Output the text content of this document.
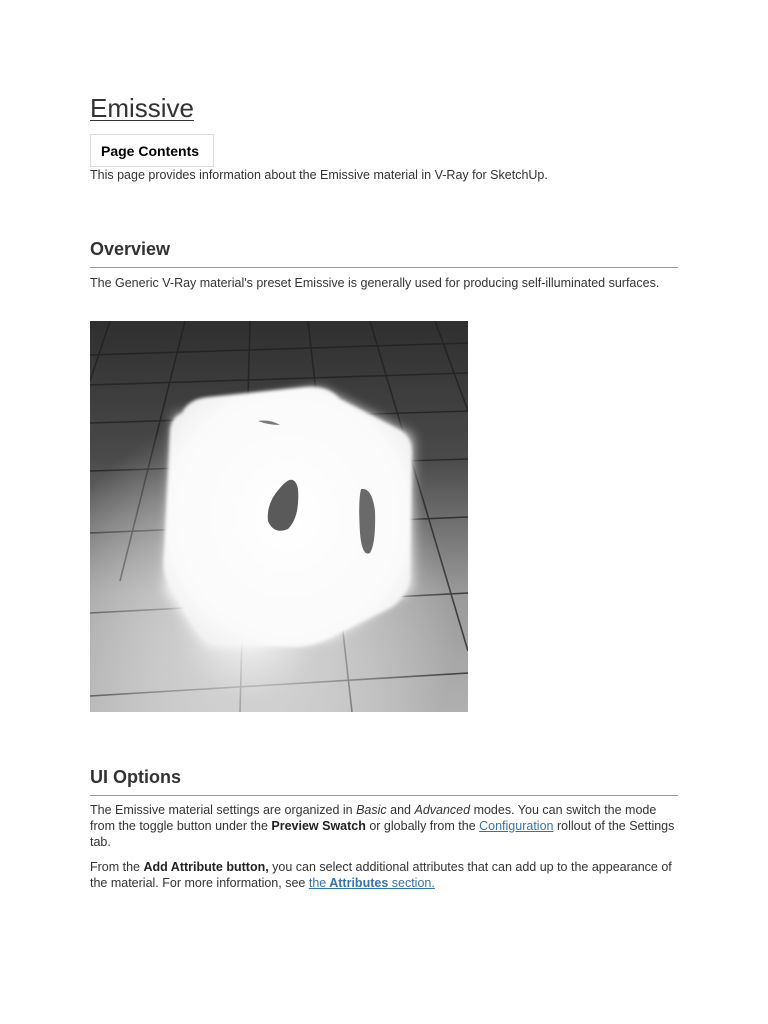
Emissive
Page Contents

This page provides information about the Emissive material in V-Ray for SketchUp.

Overview

The Generic V-Ray material's preset Emissive is generally used for producing self-illuminated surfaces.

UI Options

The Emissive material settings are organized in Basic and Advanced modes. You can switch the mode from the toggle button under the Preview Swatch or globally from the Configuration rollout of the Settings tab.

From the Add Attribute button, you can select additional attributes that can add up to the appearance of the material. For more information, see the Attributes section.
